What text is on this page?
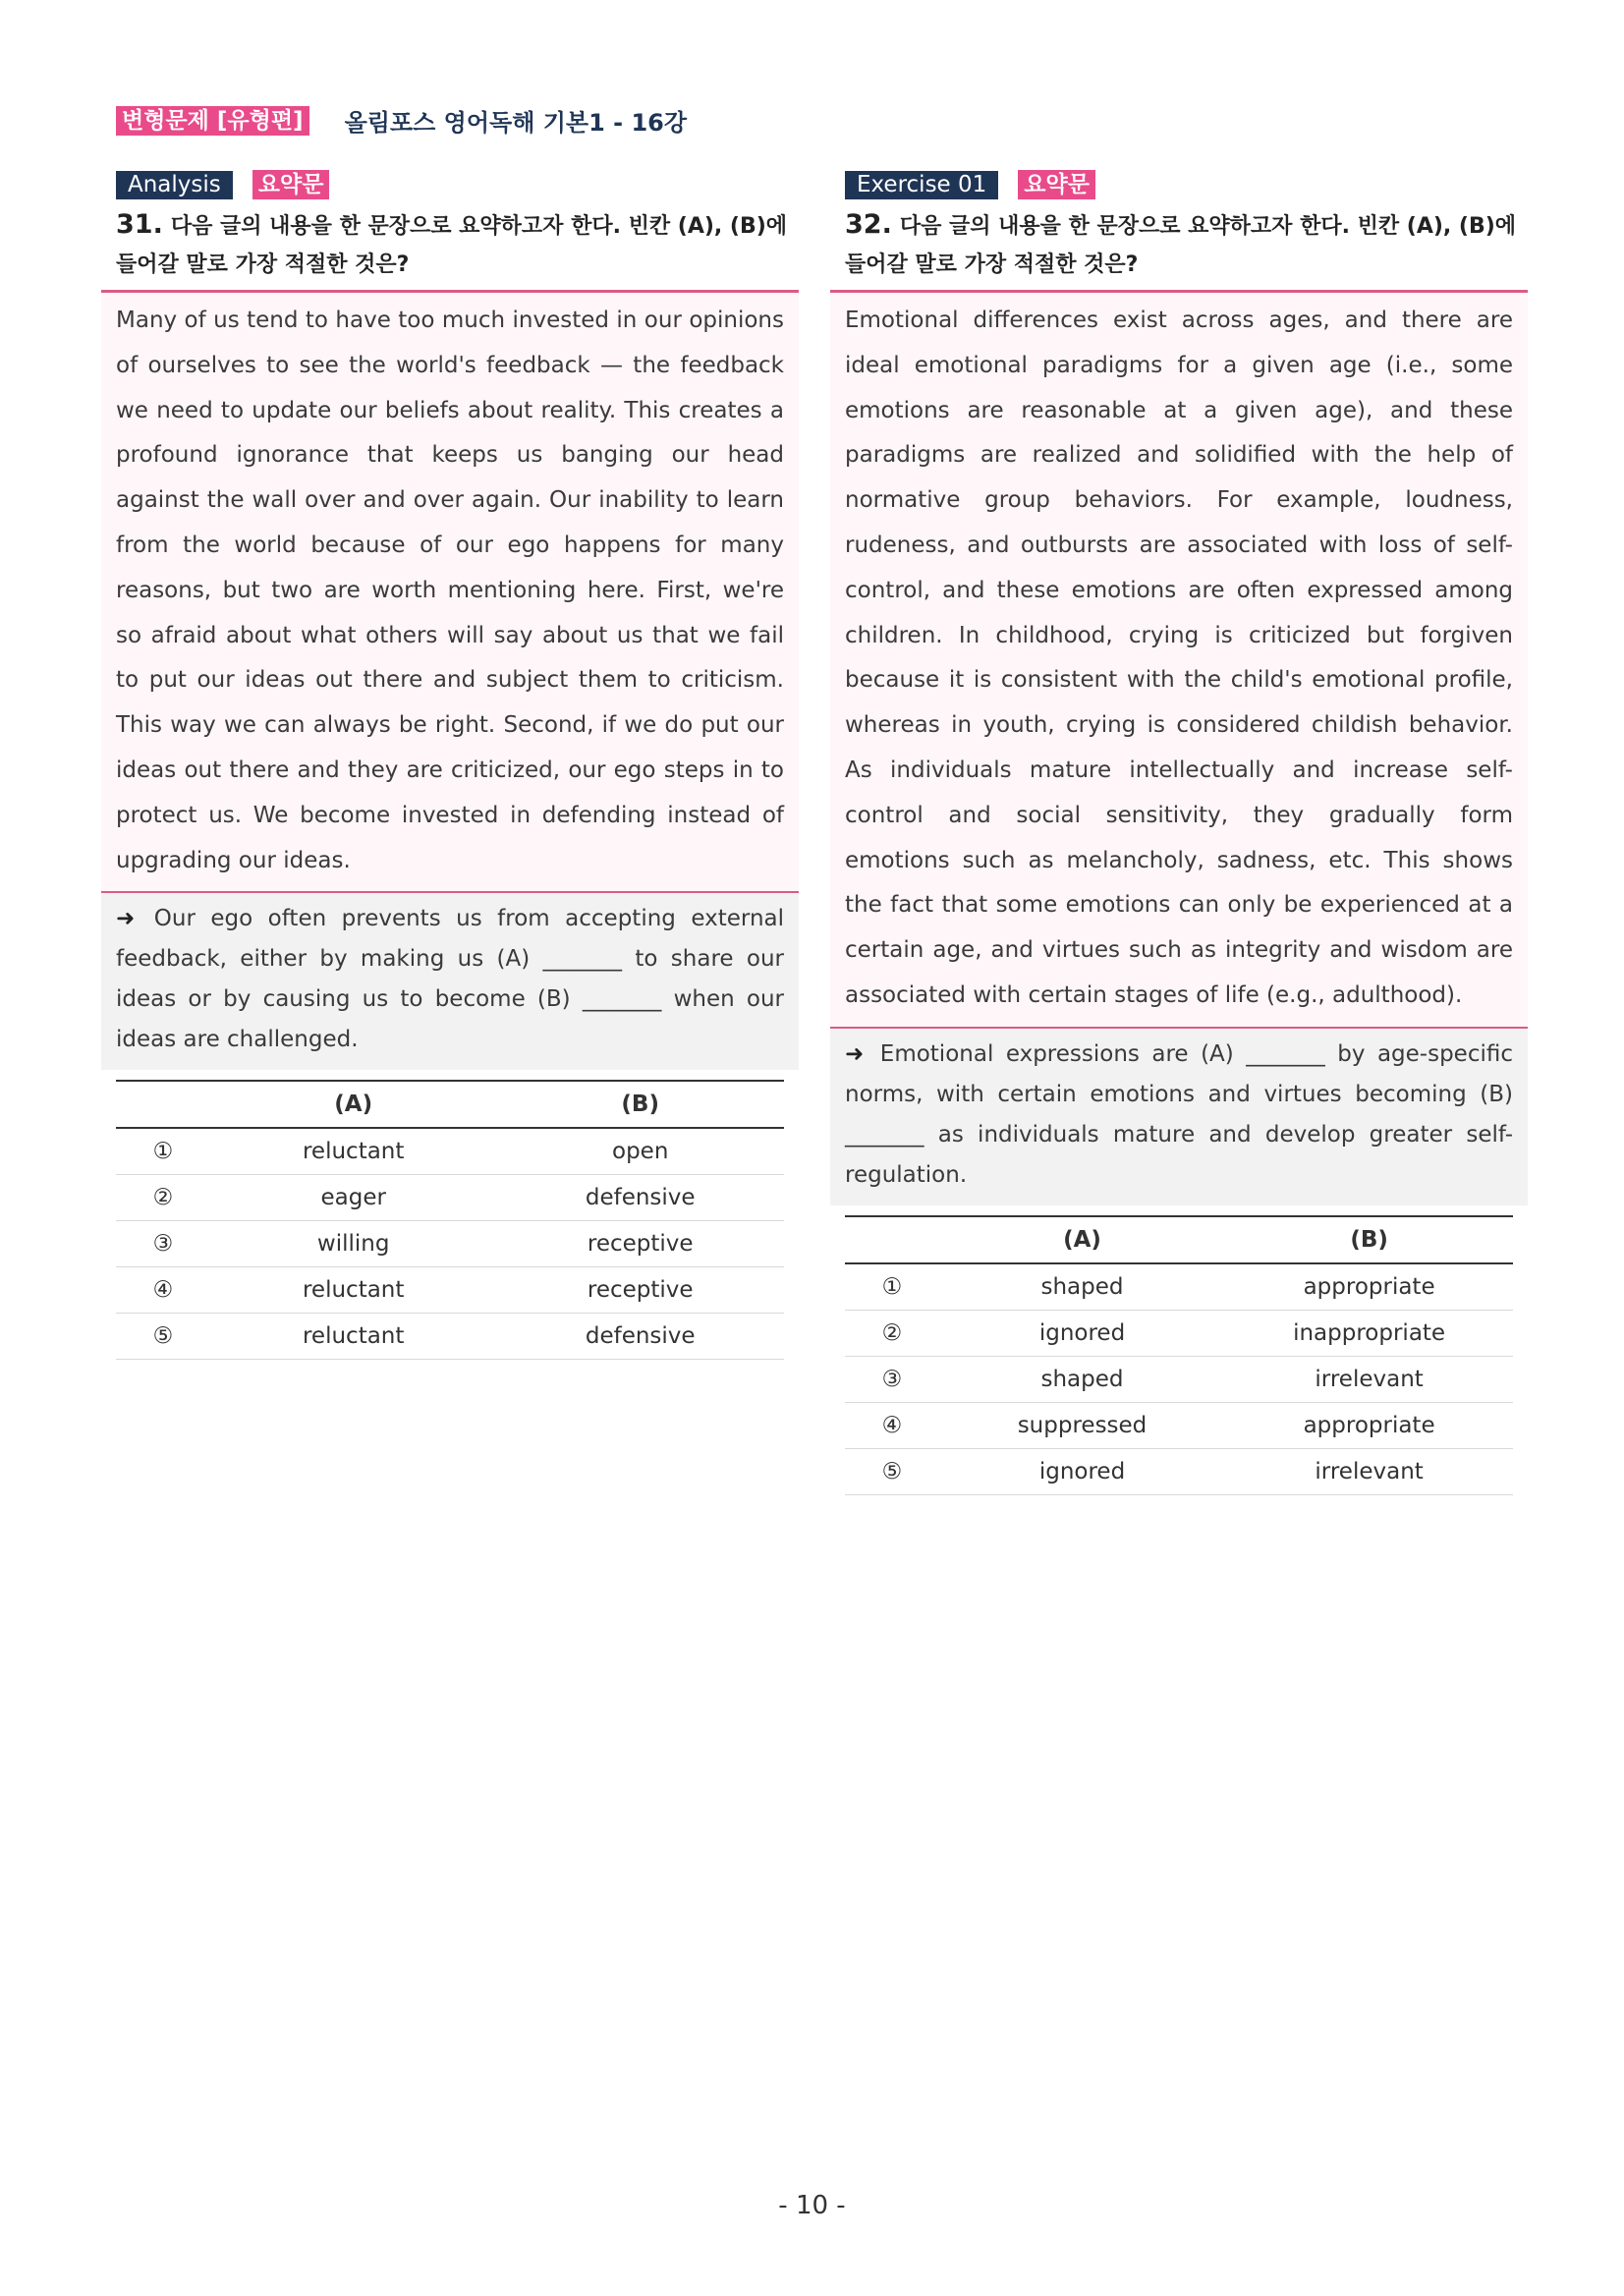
변형문제 [유형편] 올림포스 영어독해 기본1 - 16강
Analysis	요약문
31. 다음 글의 내용을 한 문장으로 요약하고자 한다. 빈칸 (A), (B)에 들어갈 말로 가장 적절한 것은?
Many of us tend to have too much invested in our opinions of ourselves to see the world's feedback — the feedback we need to update our beliefs about reality. This creates a profound ignorance that keeps us banging our head against the wall over and over again. Our inability to learn from the world because of our ego happens for many reasons, but two are worth mentioning here. First, we're so afraid about what others will say about us that we fail to put our ideas out there and subject them to criticism. This way we can always be right. Second, if we do put our ideas out there and they are criticized, our ego steps in to protect us. We become invested in defending instead of upgrading our ideas.
➜ Our ego often prevents us from accepting external feedback, either by making us (A) _______ to share our ideas or by causing us to become (B) _______ when our ideas are challenged.
	(A)	(B)
①	reluctant	open
②	eager	defensive
③	willing	receptive
④	reluctant	receptive
⑤	reluctant	defensive
Exercise 01	요약문
32. 다음 글의 내용을 한 문장으로 요약하고자 한다. 빈칸 (A), (B)에 들어갈 말로 가장 적절한 것은?
Emotional differences exist across ages, and there are ideal emotional paradigms for a given age (i.e., some emotions are reasonable at a given age), and these paradigms are realized and solidified with the help of normative group behaviors. For example, loudness, rudeness, and outbursts are associated with loss of self-control, and these emotions are often expressed among children. In childhood, crying is criticized but forgiven because it is consistent with the child's emotional profile, whereas in youth, crying is considered childish behavior. As individuals mature intellectually and increase self-control and social sensitivity, they gradually form emotions such as melancholy, sadness, etc. This shows the fact that some emotions can only be experienced at a certain age, and virtues such as integrity and wisdom are associated with certain stages of life (e.g., adulthood).
➜ Emotional expressions are (A) _______ by age-specific norms, with certain emotions and virtues becoming (B) _______ as individuals mature and develop greater self-regulation.
	(A)	(B)
①	shaped	appropriate
②	ignored	inappropriate
③	shaped	irrelevant
④	suppressed	appropriate
⑤	ignored	irrelevant
- 10 -
